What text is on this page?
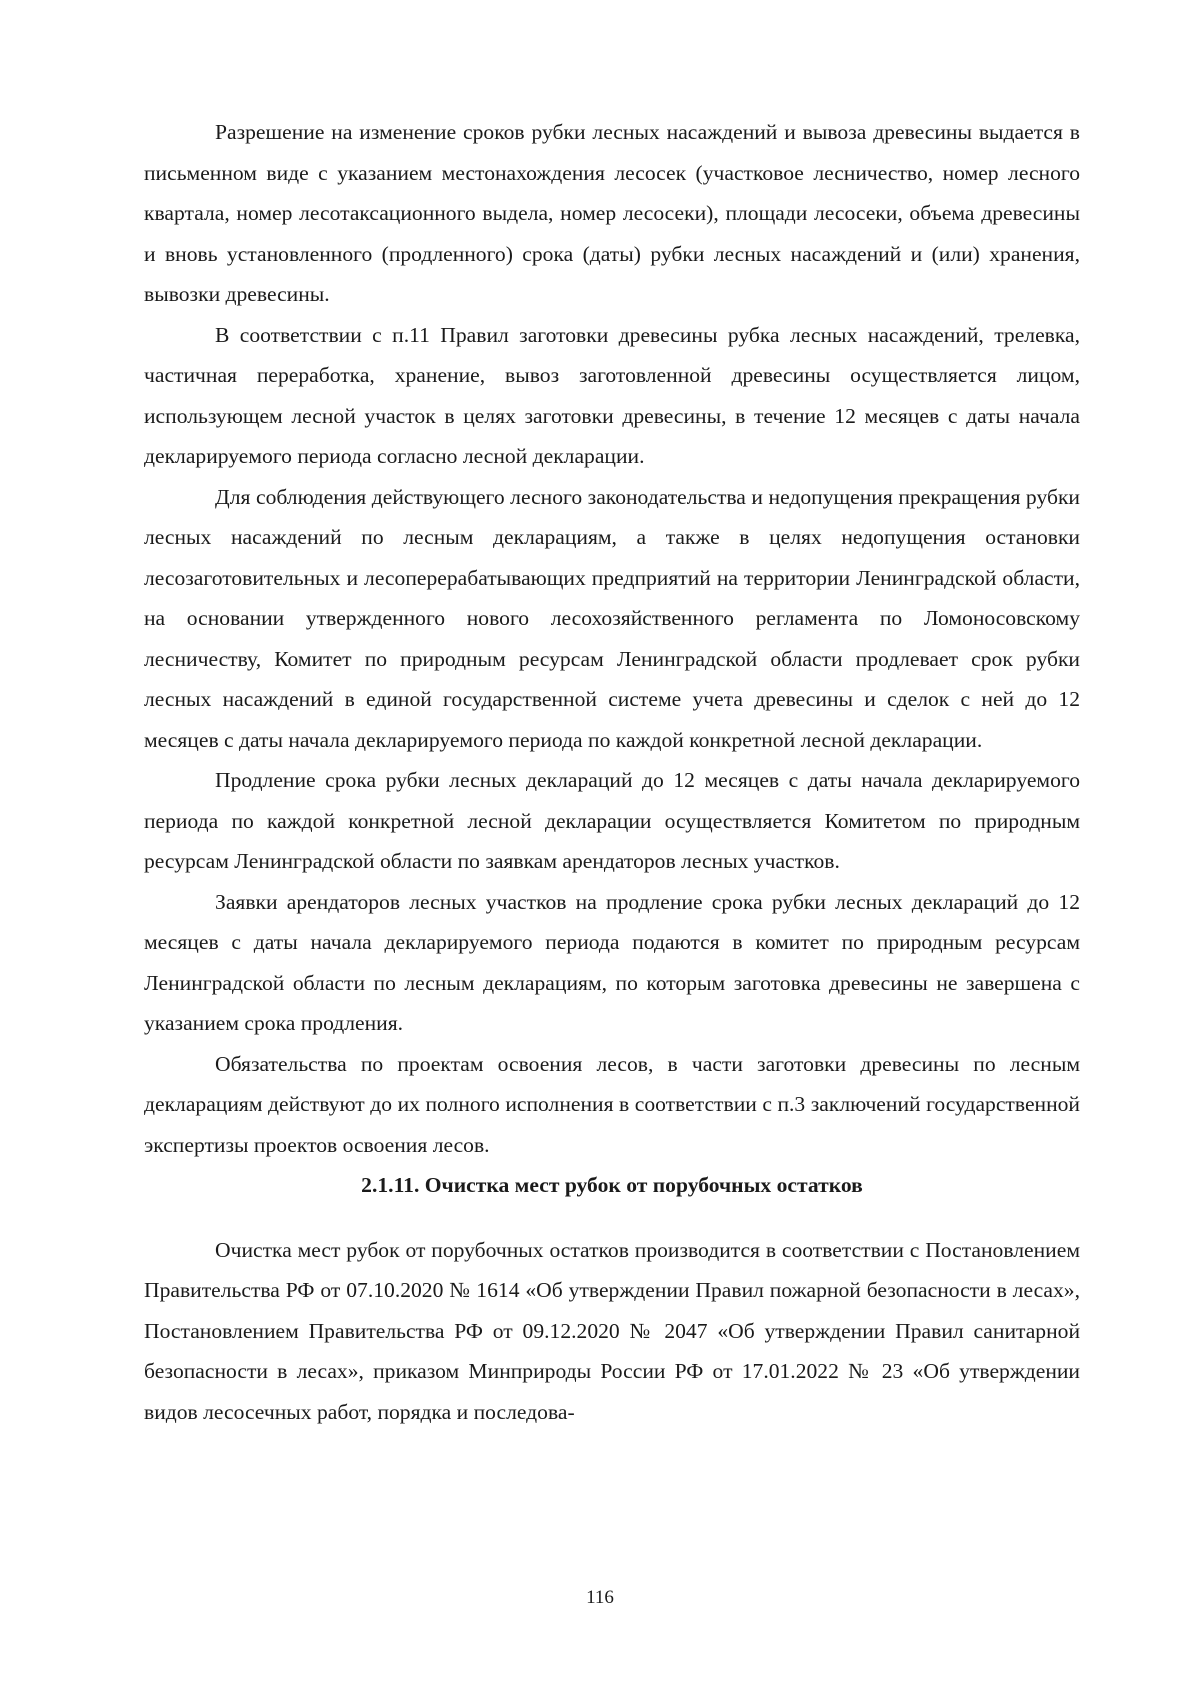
Разрешение на изменение сроков рубки лесных насаждений и вывоза древесины выдается в письменном виде с указанием местонахождения лесосек (участковое лесничество, номер лесного квартала, номер лесотаксационного выдела, номер лесосеки), площади лесосеки, объема древесины и вновь установленного (продленного) срока (даты) рубки лесных насаждений и (или) хранения, вывозки древесины.

В соответствии с п.11 Правил заготовки древесины рубка лесных насаждений, трелевка, частичная переработка, хранение, вывоз заготовленной древесины осуществляется лицом, использующем лесной участок в целях заготовки древесины, в течение 12 месяцев с даты начала декларируемого периода согласно лесной декларации.

Для соблюдения действующего лесного законодательства и недопущения прекращения рубки лесных насаждений по лесным декларациям, а также в целях недопущения остановки лесозаготовительных и лесоперерабатывающих предприятий на территории Ленинградской области, на основании утвержденного нового лесохозяйственного регламента по Ломоносовскому лесничеству, Комитет по природным ресурсам Ленинградской области продлевает срок рубки лесных насаждений в единой государственной системе учета древесины и сделок с ней до 12 месяцев с даты начала декларируемого периода по каждой конкретной лесной декларации.

Продление срока рубки лесных деклараций до 12 месяцев с даты начала декларируемого периода по каждой конкретной лесной декларации осуществляется Комитетом по природным ресурсам Ленинградской области по заявкам арендаторов лесных участков.

Заявки арендаторов лесных участков на продление срока рубки лесных деклараций до 12 месяцев с даты начала декларируемого периода подаются в комитет по природным ресурсам Ленинградской области по лесным декларациям, по которым заготовка древесины не завершена с указанием срока продления.

Обязательства по проектам освоения лесов, в части заготовки древесины по лесным декларациям действуют до их полного исполнения в соответствии с п.3 заключений государственной экспертизы проектов освоения лесов.

2.1.11. Очистка мест рубок от порубочных остатков

Очистка мест рубок от порубочных остатков производится в соответствии с Постановлением Правительства РФ от 07.10.2020 № 1614 «Об утверждении Правил пожарной безопасности в лесах», Постановлением Правительства РФ от 09.12.2020 № 2047 «Об утверждении Правил санитарной безопасности в лесах», приказом Минприроды России РФ от 17.01.2022 № 23 «Об утверждении видов лесосечных работ, порядка и последова-

116
